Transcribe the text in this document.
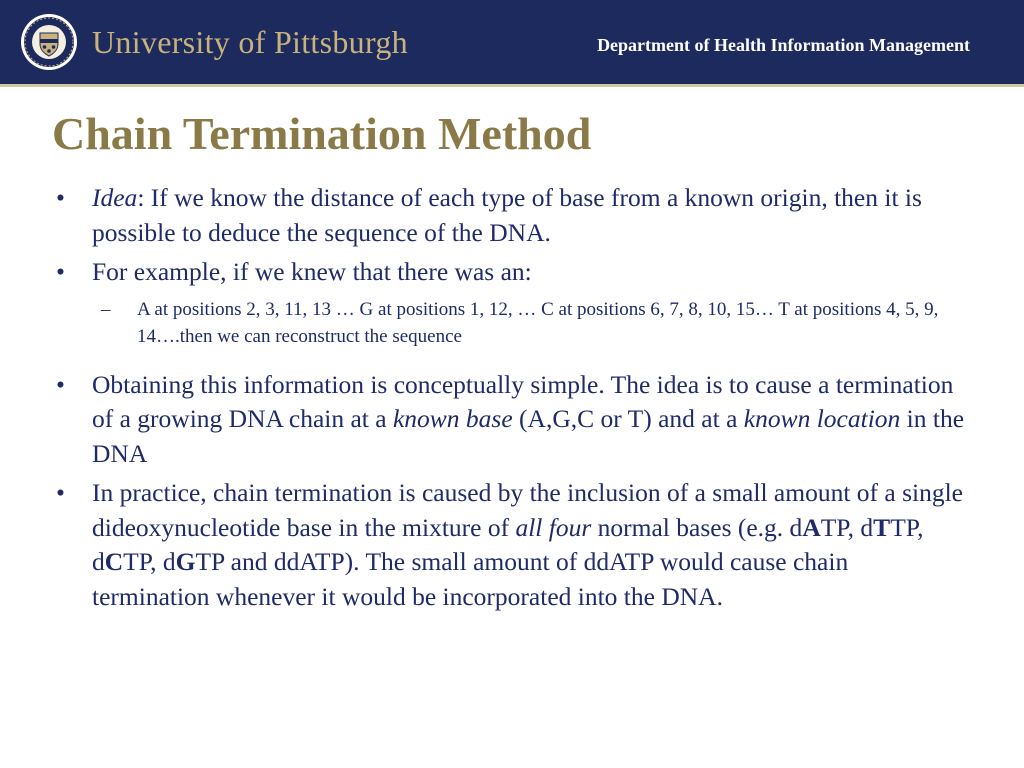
University of Pittsburgh	Department of Health Information Management
Chain Termination Method
• Idea: If we know the distance of each type of base from a known origin, then it is possible to deduce the sequence of the DNA.
• For example, if we knew that there was an:
– A at positions 2, 3, 11, 13 … G at positions 1, 12, … C at positions 6, 7, 8, 10, 15… T at positions 4, 5, 9, 14….then we can reconstruct the sequence
• Obtaining this information is conceptually simple. The idea is to cause a termination of a growing DNA chain at a known base (A,G,C or T) and at a known location in the DNA
• In practice, chain termination is caused by the inclusion of a small amount of a single dideoxynucleotide base in the mixture of all four normal bases (e.g. dATP, dTTP, dCTP, dGTP and ddATP). The small amount of ddATP would cause chain termination whenever it would be incorporated into the DNA.
